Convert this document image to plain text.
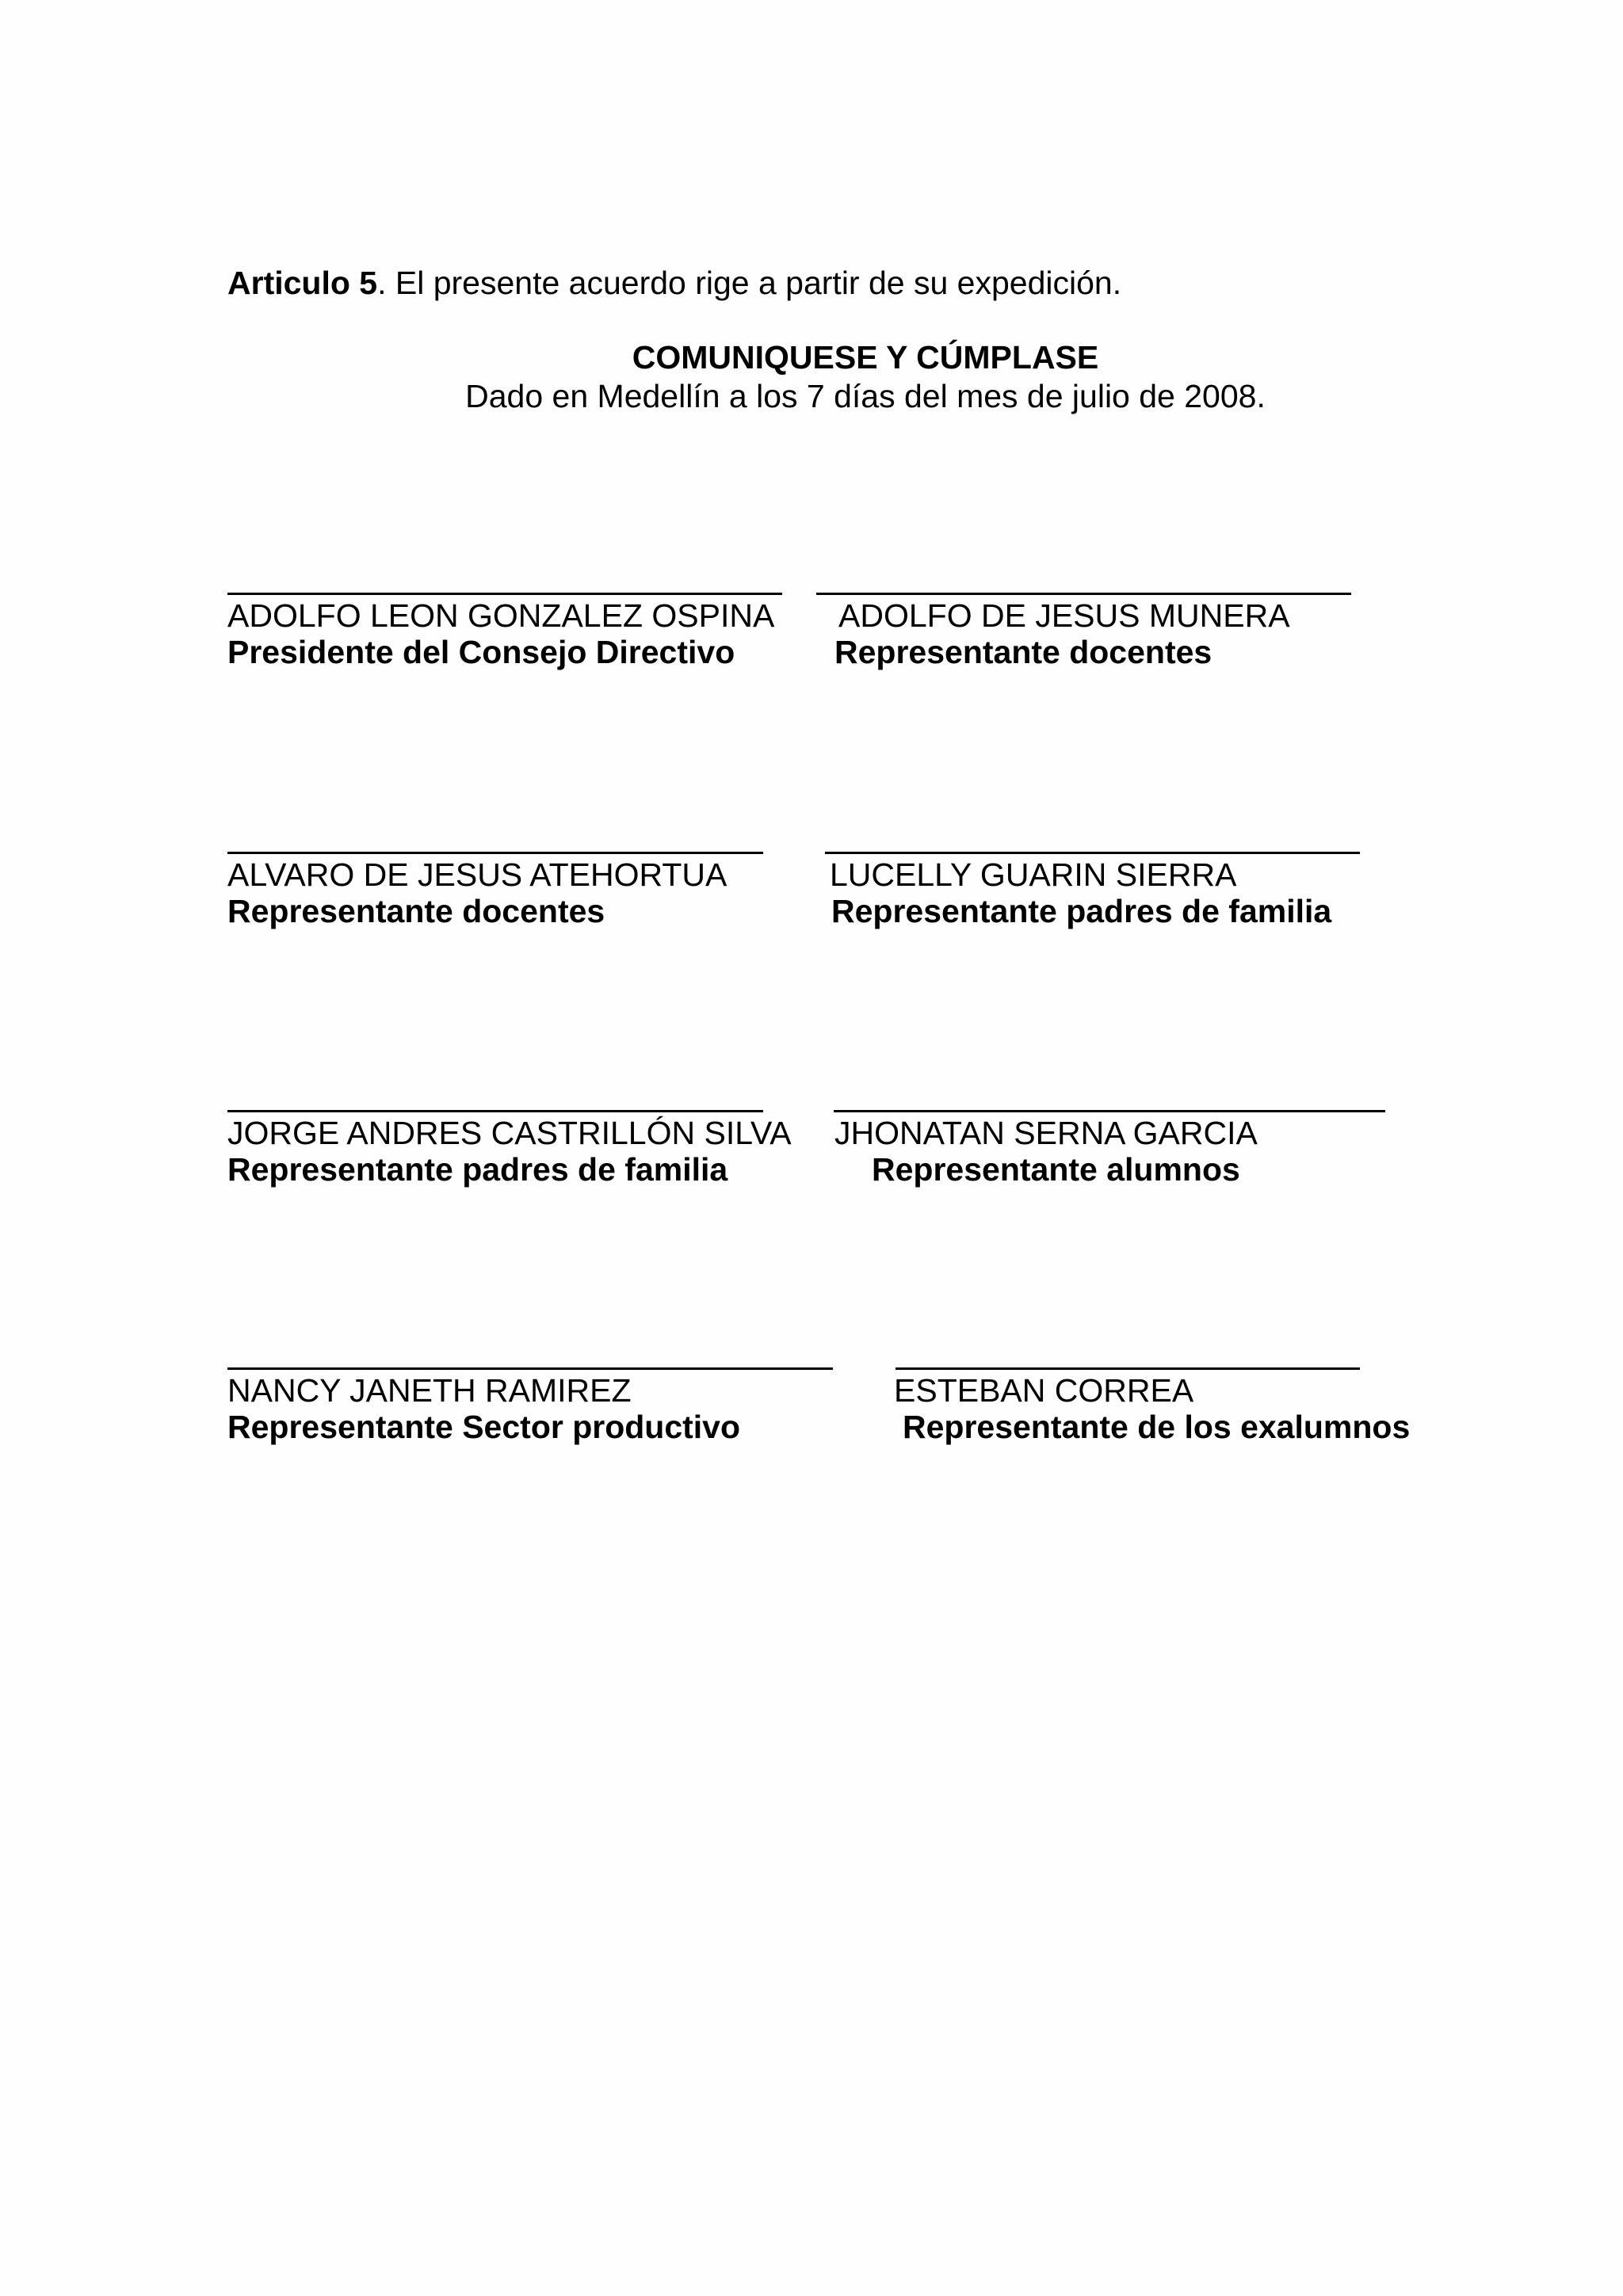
Articulo 5. El presente acuerdo rige a partir de su expedición.
COMUNIQUESE Y CÚMPLASE
Dado en Medellín a los 7 días del mes de julio de 2008.
ADOLFO LEON GONZALEZ OSPINA
Presidente del Consejo Directivo
ADOLFO DE JESUS MUNERA
Representante docentes
ALVARO DE JESUS ATEHORTUA
Representante docentes
LUCELLY GUARIN SIERRA
Representante padres de familia
JORGE ANDRES CASTRILLÓN SILVA
Representante padres de familia
JHONATAN SERNA GARCIA
Representante alumnos
NANCY JANETH RAMIREZ
Representante Sector productivo
ESTEBAN CORREA
Representante de los exalumnos
